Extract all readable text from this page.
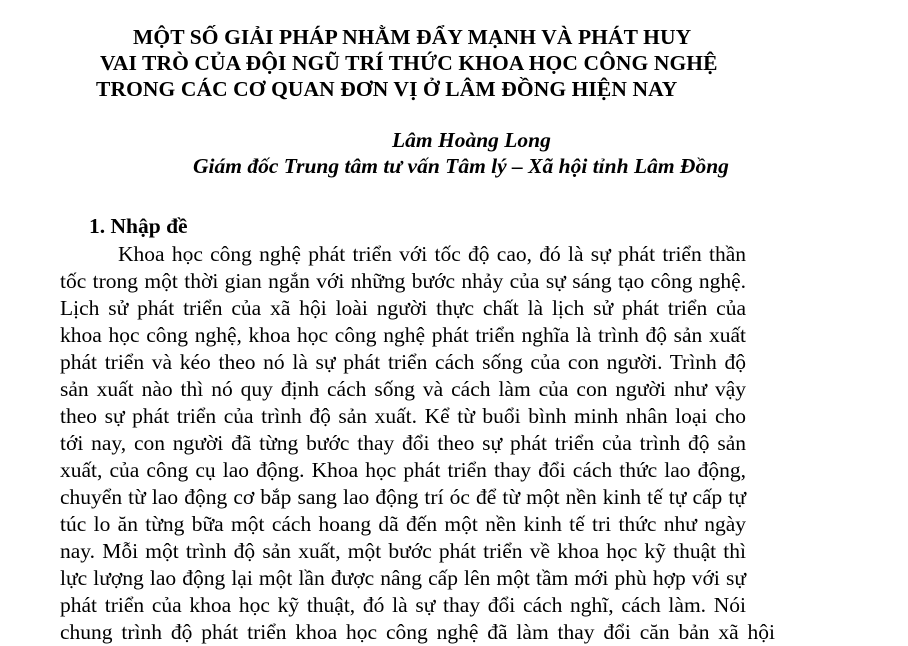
MỘT SỐ GIẢI PHÁP NHẰM ĐẨY MẠNH VÀ PHÁT HUY
VAI TRÒ CỦA ĐỘI NGŨ TRÍ THỨC KHOA HỌC CÔNG NGHỆ
TRONG CÁC CƠ QUAN ĐƠN VỊ Ở LÂM ĐỒNG HIỆN NAY
Lâm Hoàng Long
Giám đốc Trung tâm tư vấn Tâm lý – Xã hội tỉnh Lâm Đồng
1. Nhập đề
Khoa học công nghệ phát triển với tốc độ cao, đó là sự phát triển thần
tốc trong một thời gian ngắn với những bước nhảy của sự sáng tạo công nghệ.
Lịch sử phát triển của xã hội loài người thực chất là lịch sử phát triển của
khoa học công nghệ, khoa học công nghệ phát triển nghĩa là trình độ sản xuất
phát triển và kéo theo nó là sự phát triển cách sống của con người. Trình độ
sản xuất nào thì nó quy định cách sống và cách làm của con người như vậy
theo sự phát triển của trình độ sản xuất. Kể từ buổi bình minh nhân loại cho
tới nay, con người đã từng bước thay đổi theo sự phát triển của trình độ sản
xuất, của công cụ lao động. Khoa học phát triển thay đổi cách thức lao động,
chuyển từ lao động cơ bắp sang lao động trí óc để từ một nền kinh tế tự cấp tự
túc lo ăn từng bữa một cách hoang dã đến một nền kinh tế tri thức như ngày
nay. Mỗi một trình độ sản xuất, một bước phát triển về khoa học kỹ thuật thì
lực lượng lao động lại một lần được nâng cấp lên một tầm mới phù hợp với sự
phát triển của khoa học kỹ thuật, đó là sự thay đổi cách nghĩ, cách làm. Nói
chung trình độ phát triển khoa học công nghệ đã làm thay đổi căn bản xã hội
